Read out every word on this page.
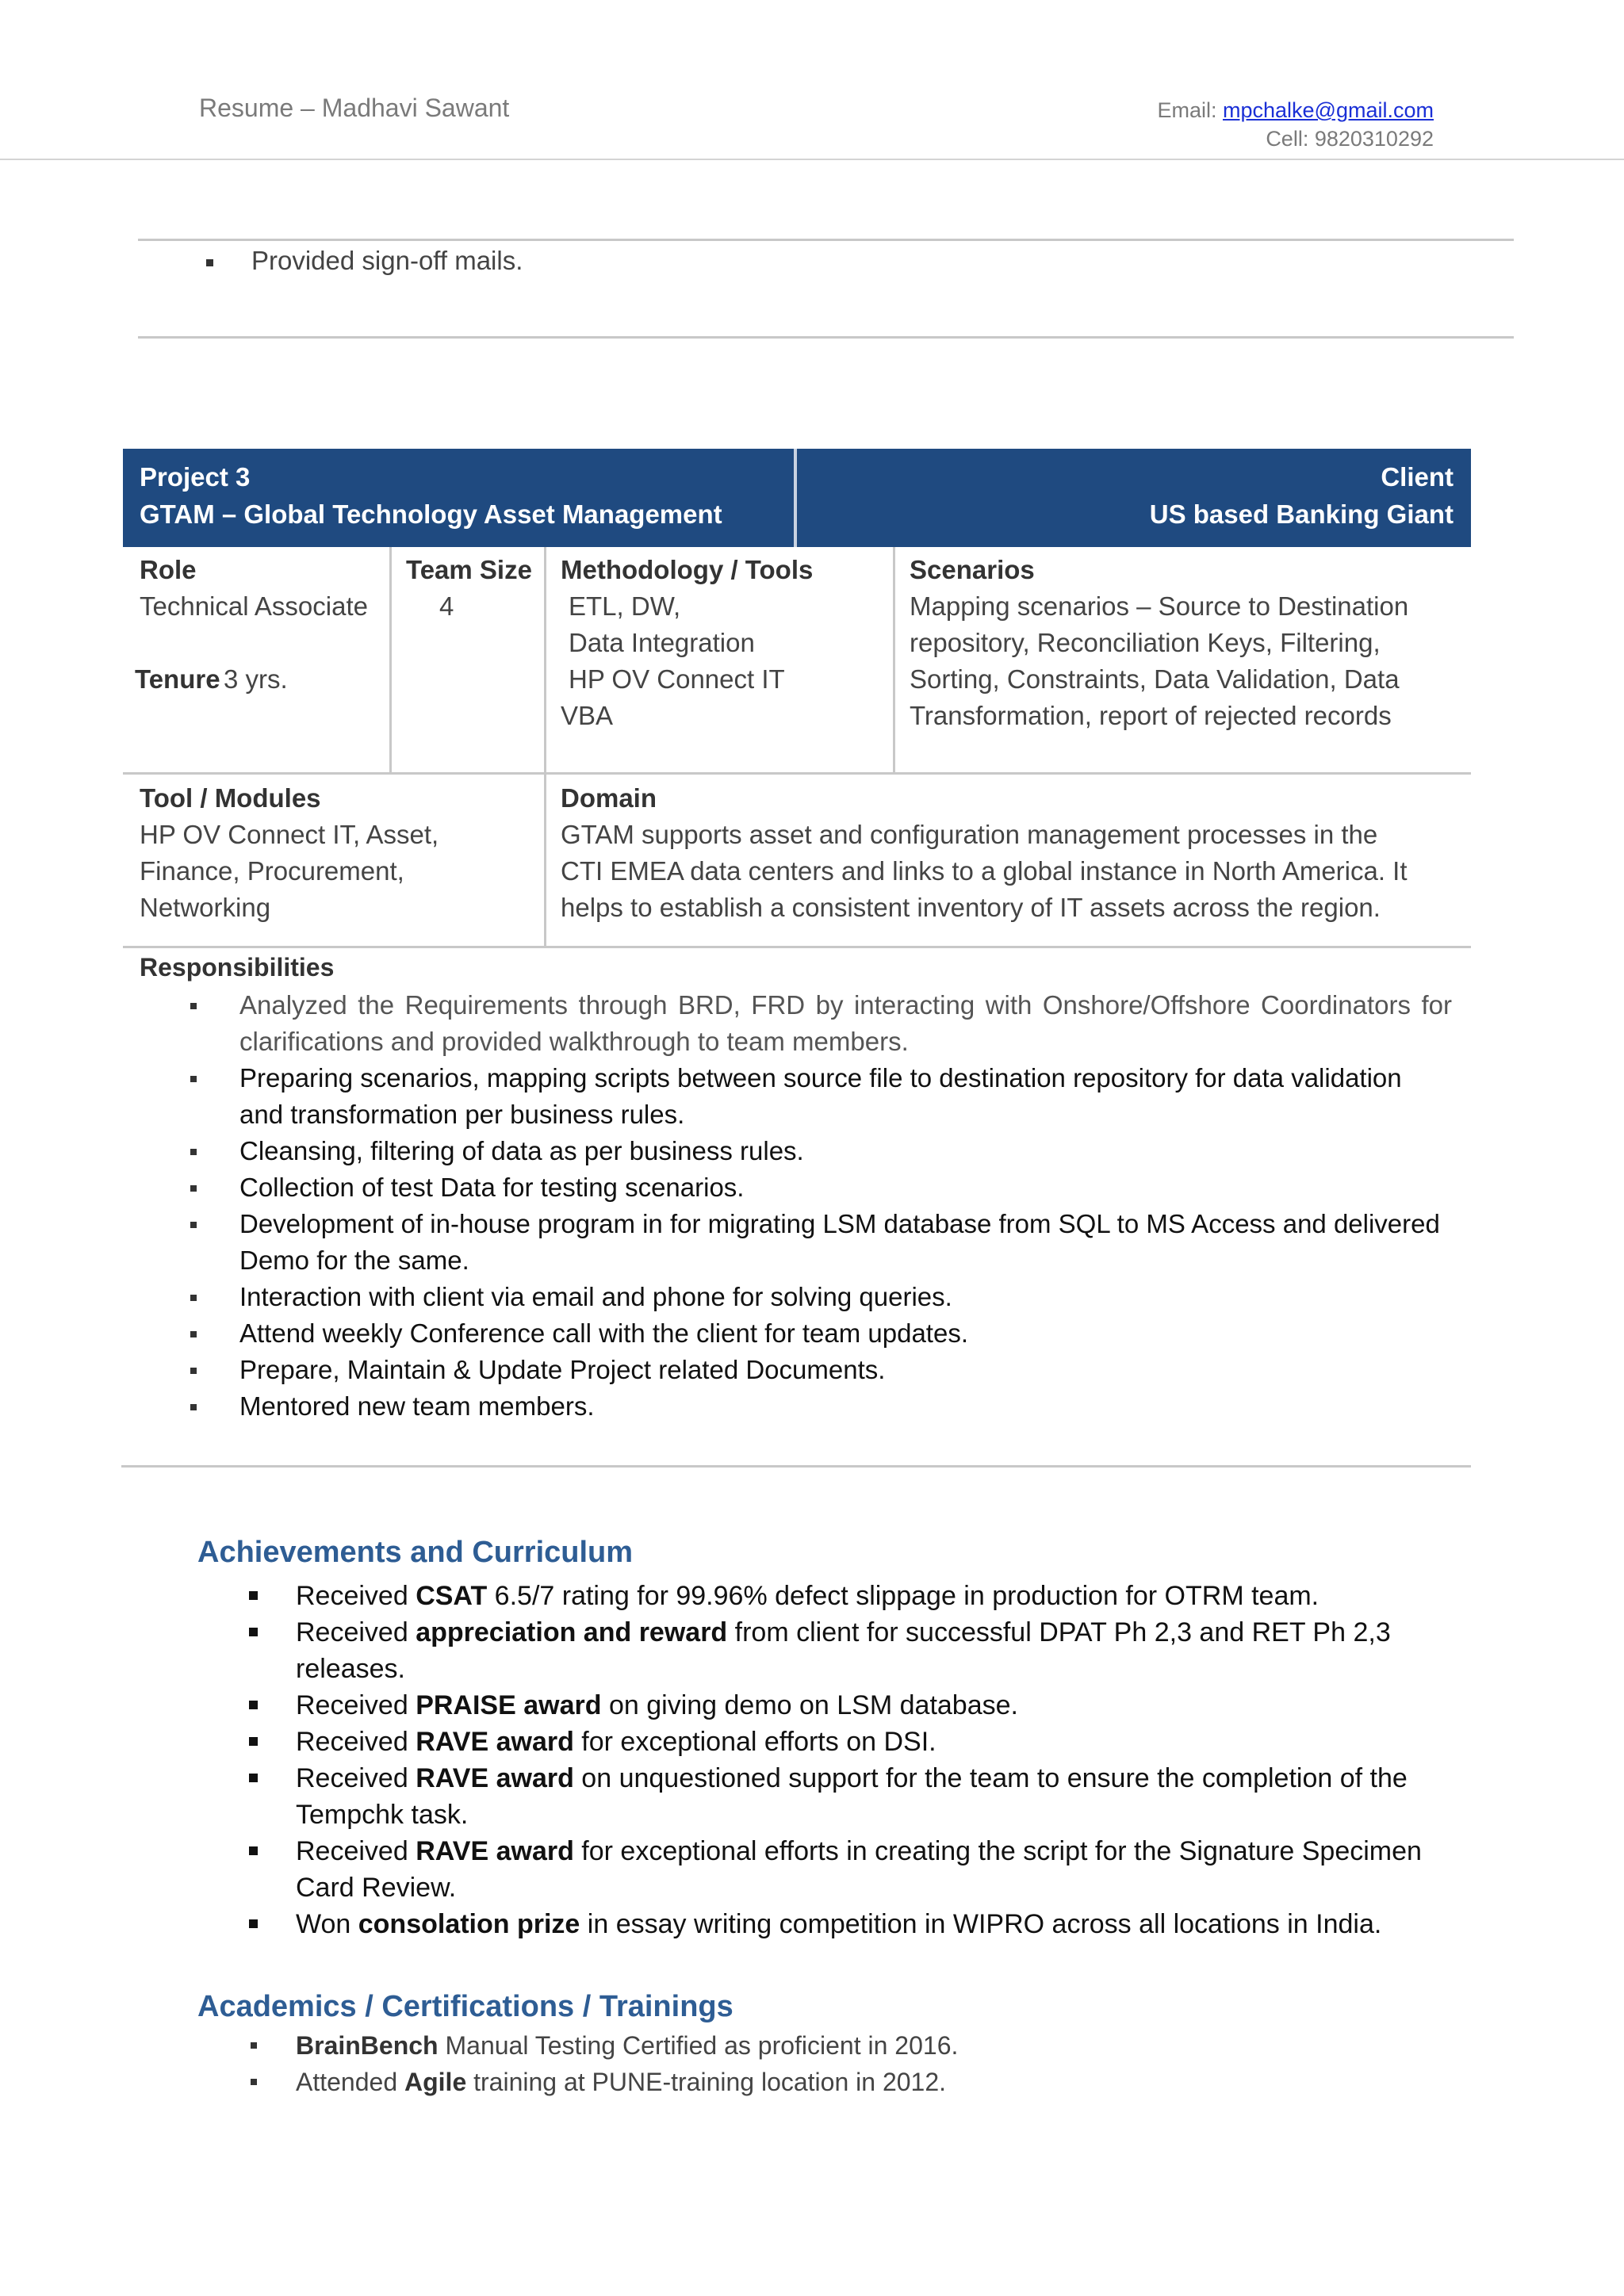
Resume – Madhavi Sawant	Email: mpchalke@gmail.com
Cell: 9820310292
Provided sign-off mails.
Project 3
GTAM – Global Technology Asset Management
Client
US based Banking Giant
Role
Technical Associate
Tenure 3 yrs.
Team Size
4
Methodology / Tools
ETL, DW,
Data Integration
HP OV Connect IT
VBA
Scenarios
Mapping scenarios – Source to Destination
repository, Reconciliation Keys, Filtering,
Sorting, Constraints, Data Validation, Data
Transformation, report of rejected records
Tool / Modules
HP OV Connect IT, Asset,
Finance, Procurement,
Networking
Domain
GTAM supports asset and configuration management processes in the
CTI EMEA data centers and links to a global instance in North America. It
helps to establish a consistent inventory of IT assets across the region.
Responsibilities
Analyzed the Requirements through BRD, FRD by interacting with Onshore/Offshore Coordinators for clarifications and provided walkthrough to team members.
Preparing scenarios, mapping scripts between source file to destination repository for data validation and transformation per business rules.
Cleansing, filtering of data as per business rules.
Collection of test Data for testing scenarios.
Development of in-house program in for migrating LSM database from SQL to MS Access and delivered Demo for the same.
Interaction with client via email and phone for solving queries.
Attend weekly Conference call with the client for team updates.
Prepare, Maintain & Update Project related Documents.
Mentored new team members.
Achievements and Curriculum
Received CSAT 6.5/7 rating for 99.96% defect slippage in production for OTRM team.
Received appreciation and reward from client for successful DPAT Ph 2,3 and RET Ph 2,3 releases.
Received PRAISE award on giving demo on LSM database.
Received RAVE award for exceptional efforts on DSI.
Received RAVE award on unquestioned support for the team to ensure the completion of the Tempchk task.
Received RAVE award for exceptional efforts in creating the script for the Signature Specimen Card Review.
Won consolation prize in essay writing competition in WIPRO across all locations in India.
Academics / Certifications / Trainings
BrainBench Manual Testing Certified as proficient in 2016.
Attended Agile training at PUNE-training location in 2012.
